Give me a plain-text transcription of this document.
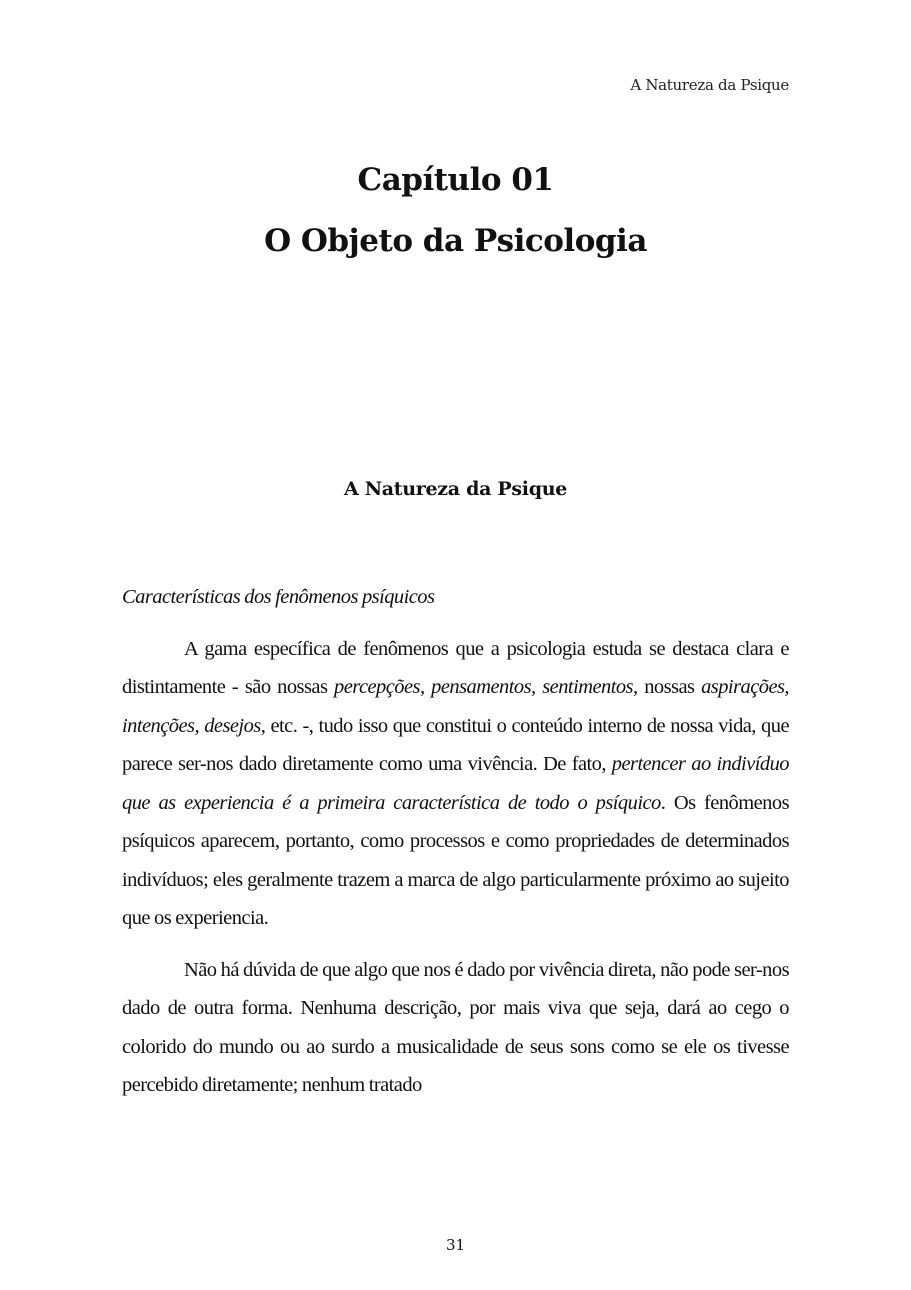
A Natureza da Psique
Capítulo 01
O Objeto da Psicologia
A Natureza da Psique

Características dos fenômenos psíquicos

A gama específica de fenômenos que a psicologia estuda se destaca clara e distintamente - são nossas percepções, pensamentos, sentimentos, nossas aspirações, intenções, desejos, etc. -, tudo isso que constitui o conteúdo interno de nossa vida, que parece ser-nos dado diretamente como uma vivência. De fato, pertencer ao indivíduo que as experiencia é a primeira característica de todo o psíquico. Os fenômenos psíquicos aparecem, portanto, como processos e como propriedades de determinados indivíduos; eles geralmente trazem a marca de algo particularmente próximo ao sujeito que os experiencia.

Não há dúvida de que algo que nos é dado por vivência direta, não pode ser-nos dado de outra forma. Nenhuma descrição, por mais viva que seja, dará ao cego o colorido do mundo ou ao surdo a musicalidade de seus sons como se ele os tivesse percebido diretamente; nenhum tratado

31
